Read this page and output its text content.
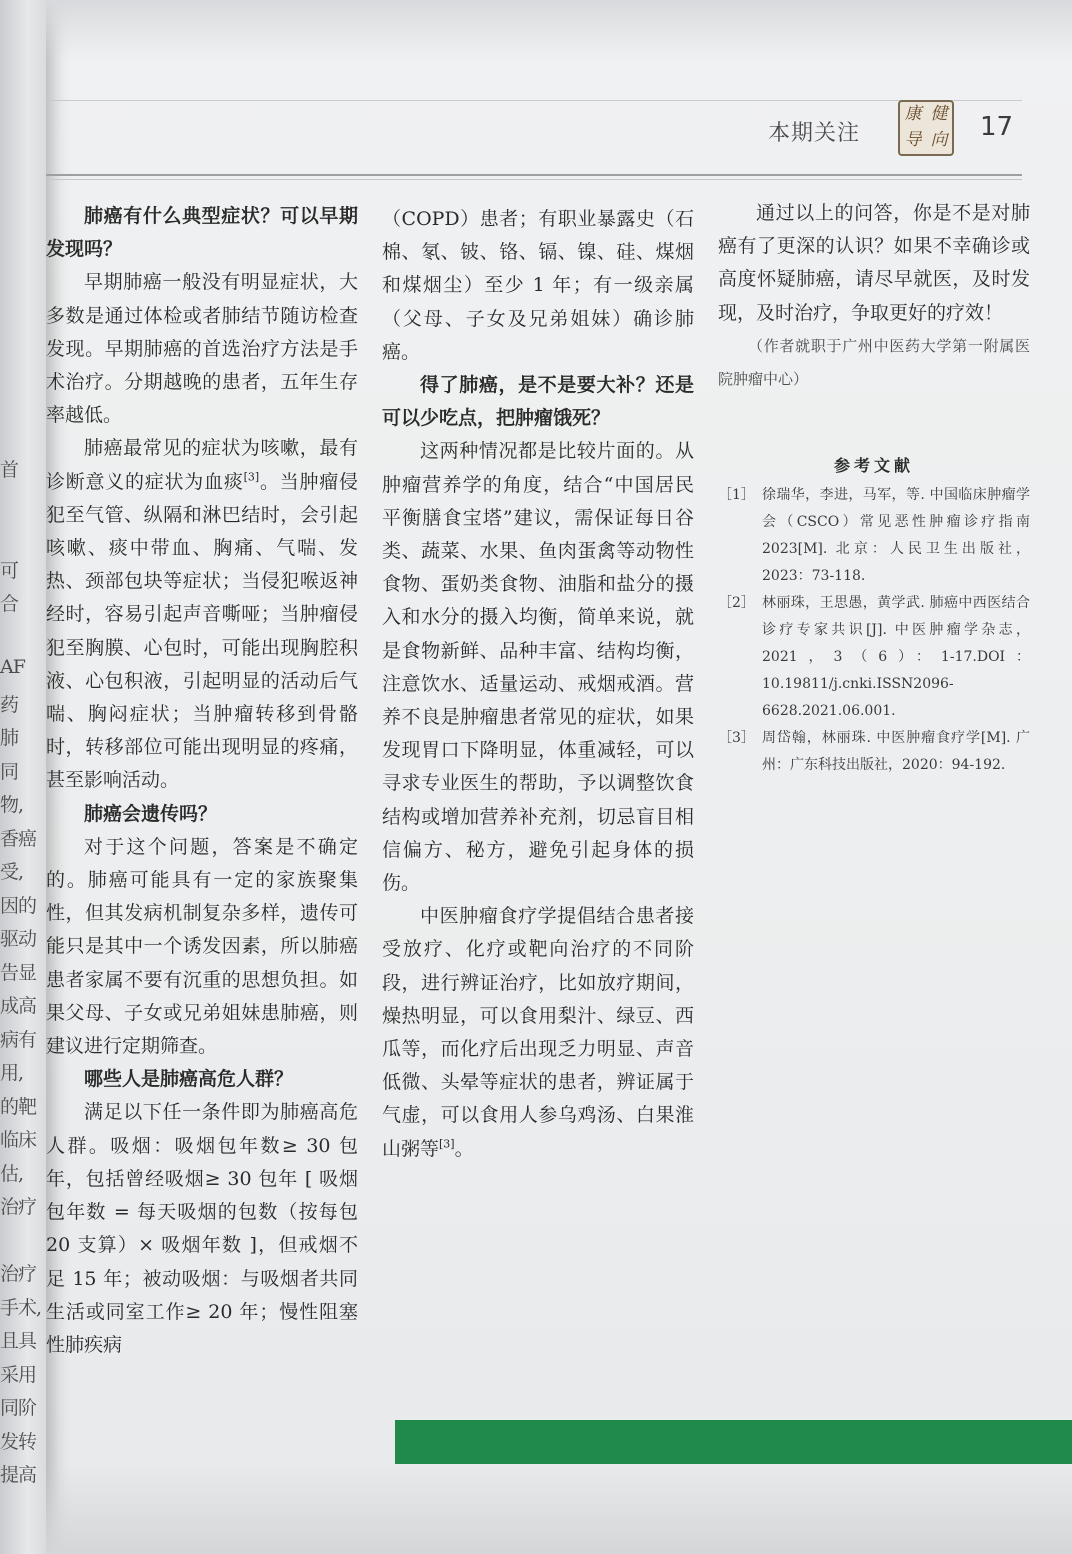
首
可
合
AF
药
肺
同
物,
香癌
受,
因的
驱动
告显
成高
病有
用,
的靶
临床
估,
治疗
治疗
手术,
且具
采用
同阶
发转
提高
本期关注
康 健
导 向 17
肺癌有什么典型症状？可以早期发现吗？

早期肺癌一般没有明显症状，大多数是通过体检或者肺结节随访检查发现。早期肺癌的首选治疗方法是手术治疗。分期越晚的患者，五年生存率越低。

肺癌最常见的症状为咳嗽，最有诊断意义的症状为血痰[3]。当肿瘤侵犯至气管、纵隔和淋巴结时，会引起咳嗽、痰中带血、胸痛、气喘、发热、颈部包块等症状；当侵犯喉返神经时，容易引起声音嘶哑；当肿瘤侵犯至胸膜、心包时，可能出现胸腔积液、心包积液，引起明显的活动后气喘、胸闷症状；当肿瘤转移到骨骼时，转移部位可能出现明显的疼痛，甚至影响活动。

肺癌会遗传吗？

对于这个问题，答案是不确定的。肺癌可能具有一定的家族聚集性，但其发病机制复杂多样，遗传可能只是其中一个诱发因素，所以肺癌患者家属不要有沉重的思想负担。如果父母、子女或兄弟姐妹患肺癌，则建议进行定期筛查。

哪些人是肺癌高危人群？

满足以下任一条件即为肺癌高危人群。吸烟：吸烟包年数≥ 30 包年，包括曾经吸烟≥ 30 包年 [ 吸烟包年数 = 每天吸烟的包数（按每包 20 支算）× 吸烟年数 ]，但戒烟不足 15 年；被动吸烟：与吸烟者共同生活或同室工作≥ 20 年；慢性阻塞性肺疾病

（COPD）患者；有职业暴露史（石棉、氡、铍、铬、镉、镍、硅、煤烟和煤烟尘）至少 1 年；有一级亲属（父母、子女及兄弟姐妹）确诊肺癌。

得了肺癌，是不是要大补？还是可以少吃点，把肿瘤饿死？

这两种情况都是比较片面的。从肿瘤营养学的角度，结合“中国居民平衡膳食宝塔”建议，需保证每日谷类、蔬菜、水果、鱼肉蛋禽等动物性食物、蛋奶类食物、油脂和盐分的摄入和水分的摄入均衡，简单来说，就是食物新鲜、品种丰富、结构均衡，注意饮水、适量运动、戒烟戒酒。营养不良是肿瘤患者常见的症状，如果发现胃口下降明显，体重减轻，可以寻求专业医生的帮助，予以调整饮食结构或增加营养补充剂，切忌盲目相信偏方、秘方，避免引起身体的损伤。

中医肿瘤食疗学提倡结合患者接受放疗、化疗或靶向治疗的不同阶段，进行辨证治疗，比如放疗期间，燥热明显，可以食用梨汁、绿豆、西瓜等，而化疗后出现乏力明显、声音低微、头晕等症状的患者，辨证属于气虚，可以食用人参乌鸡汤、白果淮山粥等[3]。

通过以上的问答，你是不是对肺癌有了更深的认识？如果不幸确诊或高度怀疑肺癌，请尽早就医，及时发现，及时治疗，争取更好的疗效！

（作者就职于广州中医药大学第一附属医院肿瘤中心）

参考文献
［1］ 徐瑞华，李进，马军，等. 中国临床肿瘤学会（CSCO）常见恶性肿瘤诊疗指南2023[M]. 北京：人民卫生出版社，2023：73-118.
［2］ 林丽珠，王思愚，黄学武. 肺癌中西医结合诊疗专家共识[J]. 中医肿瘤学杂志，2021，3（6）：1-17.DOI：10.19811/j.cnki.ISSN2096-6628.2021.06.001.
［3］ 周岱翰，林丽珠. 中医肿瘤食疗学[M]. 广州：广东科技出版社，2020：94-192.
